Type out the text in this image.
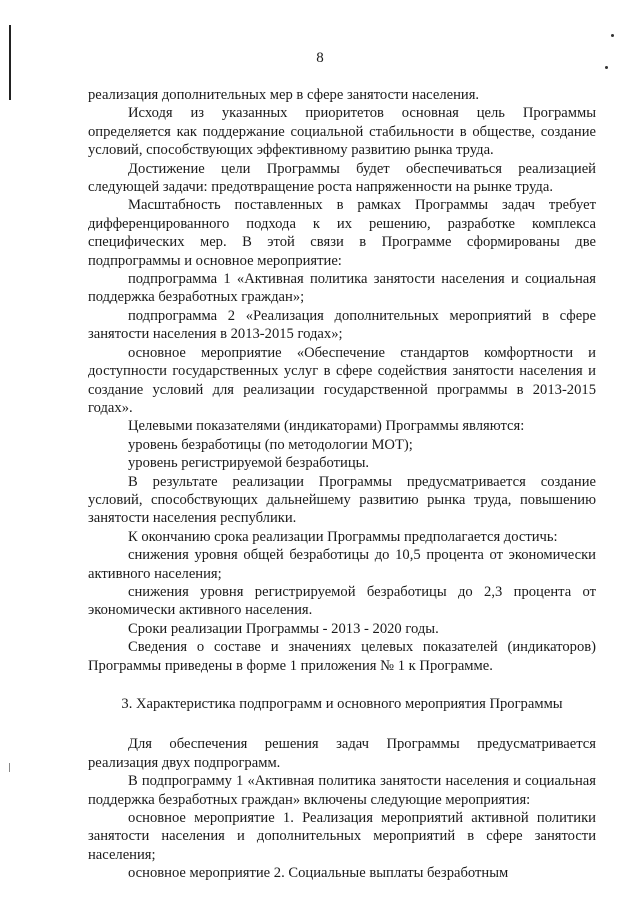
8

реализация дополнительных мер в сфере занятости населения.

Исходя из указанных приоритетов основная цель Программы определяется как поддержание социальной стабильности в обществе, создание условий, способствующих эффективному развитию рынка труда.

Достижение цели Программы будет обеспечиваться реализацией следующей задачи: предотвращение роста напряженности на рынке труда.

Масштабность поставленных в рамках Программы задач требует дифференцированного подхода к их решению, разработке комплекса специфических мер. В этой связи в Программе сформированы две подпрограммы и основное мероприятие:

подпрограмма 1 «Активная политика занятости населения и социальная поддержка безработных граждан»;

подпрограмма 2 «Реализация дополнительных мероприятий в сфере занятости населения в 2013-2015 годах»;

основное мероприятие «Обеспечение стандартов комфортности и доступности государственных услуг в сфере содействия занятости населения и создание условий для реализации государственной программы в 2013-2015 годах».

Целевыми показателями (индикаторами) Программы являются:

уровень безработицы (по методологии МОТ);

уровень регистрируемой безработицы.

В результате реализации Программы предусматривается создание условий, способствующих дальнейшему развитию рынка труда, повышению занятости населения республики.

К окончанию срока реализации Программы предполагается достичь:

снижения уровня общей безработицы до 10,5 процента от экономически активного населения;

снижения уровня регистрируемой безработицы до 2,3 процента от экономически активного населения.

Сроки реализации Программы - 2013 - 2020 годы.

Сведения о составе и значениях целевых показателей (индикаторов) Программы приведены в форме 1 приложения № 1 к Программе.

3. Характеристика подпрограмм и основного мероприятия Программы

Для обеспечения решения задач Программы предусматривается реализация двух подпрограмм.

В подпрограмму 1 «Активная политика занятости населения и социальная поддержка безработных граждан» включены следующие мероприятия:

основное мероприятие 1. Реализация мероприятий активной политики занятости населения и дополнительных мероприятий в сфере занятости населения;

основное мероприятие 2. Социальные выплаты безработным
